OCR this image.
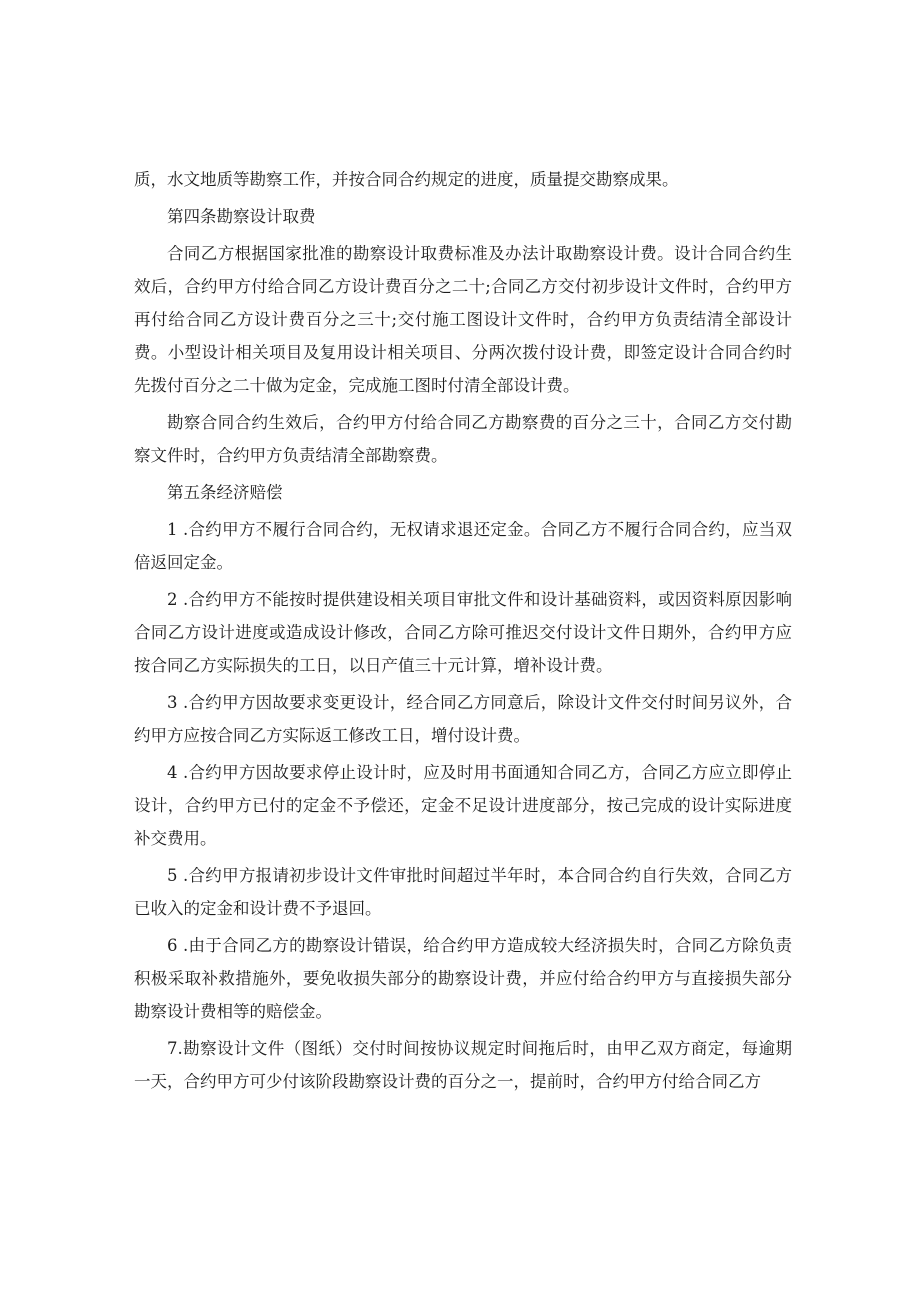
质，水文地质等勘察工作，并按合同合约规定的进度，质量提交勘察成果。

第四条勘察设计取费

合同乙方根据国家批准的勘察设计取费标准及办法计取勘察设计费。设计合同合约生效后，合约甲方付给合同乙方设计费百分之二十;合同乙方交付初步设计文件时，合约甲方再付给合同乙方设计费百分之三十;交付施工图设计文件时，合约甲方负责结清全部设计费。小型设计相关项目及复用设计相关项目、分两次拨付设计费，即签定设计合同合约时先拨付百分之二十做为定金，完成施工图时付清全部设计费。

勘察合同合约生效后，合约甲方付给合同乙方勘察费的百分之三十，合同乙方交付勘察文件时，合约甲方负责结清全部勘察费。

第五条经济赔偿

1 .合约甲方不履行合同合约，无权请求退还定金。合同乙方不履行合同合约，应当双倍返回定金。

2 .合约甲方不能按时提供建设相关项目审批文件和设计基础资料，或因资料原因影响合同乙方设计进度或造成设计修改，合同乙方除可推迟交付设计文件日期外，合约甲方应按合同乙方实际损失的工日，以日产值三十元计算，增补设计费。

3 .合约甲方因故要求变更设计，经合同乙方同意后，除设计文件交付时间另议外，合约甲方应按合同乙方实际返工修改工日，增付设计费。

4 .合约甲方因故要求停止设计时，应及时用书面通知合同乙方，合同乙方应立即停止设计，合约甲方已付的定金不予偿还，定金不足设计进度部分，按己完成的设计实际进度补交费用。

5 .合约甲方报请初步设计文件审批时间超过半年时，本合同合约自行失效，合同乙方已收入的定金和设计费不予退回。

6 .由于合同乙方的勘察设计错误，给合约甲方造成较大经济损失时，合同乙方除负责积极采取补救措施外，要免收损失部分的勘察设计费，并应付给合约甲方与直接损失部分勘察设计费相等的赔偿金。

7.勘察设计文件（图纸）交付时间按协议规定时间拖后时，由甲乙双方商定，每逾期一天，合约甲方可少付该阶段勘察设计费的百分之一，提前时，合约甲方付给合同乙方
